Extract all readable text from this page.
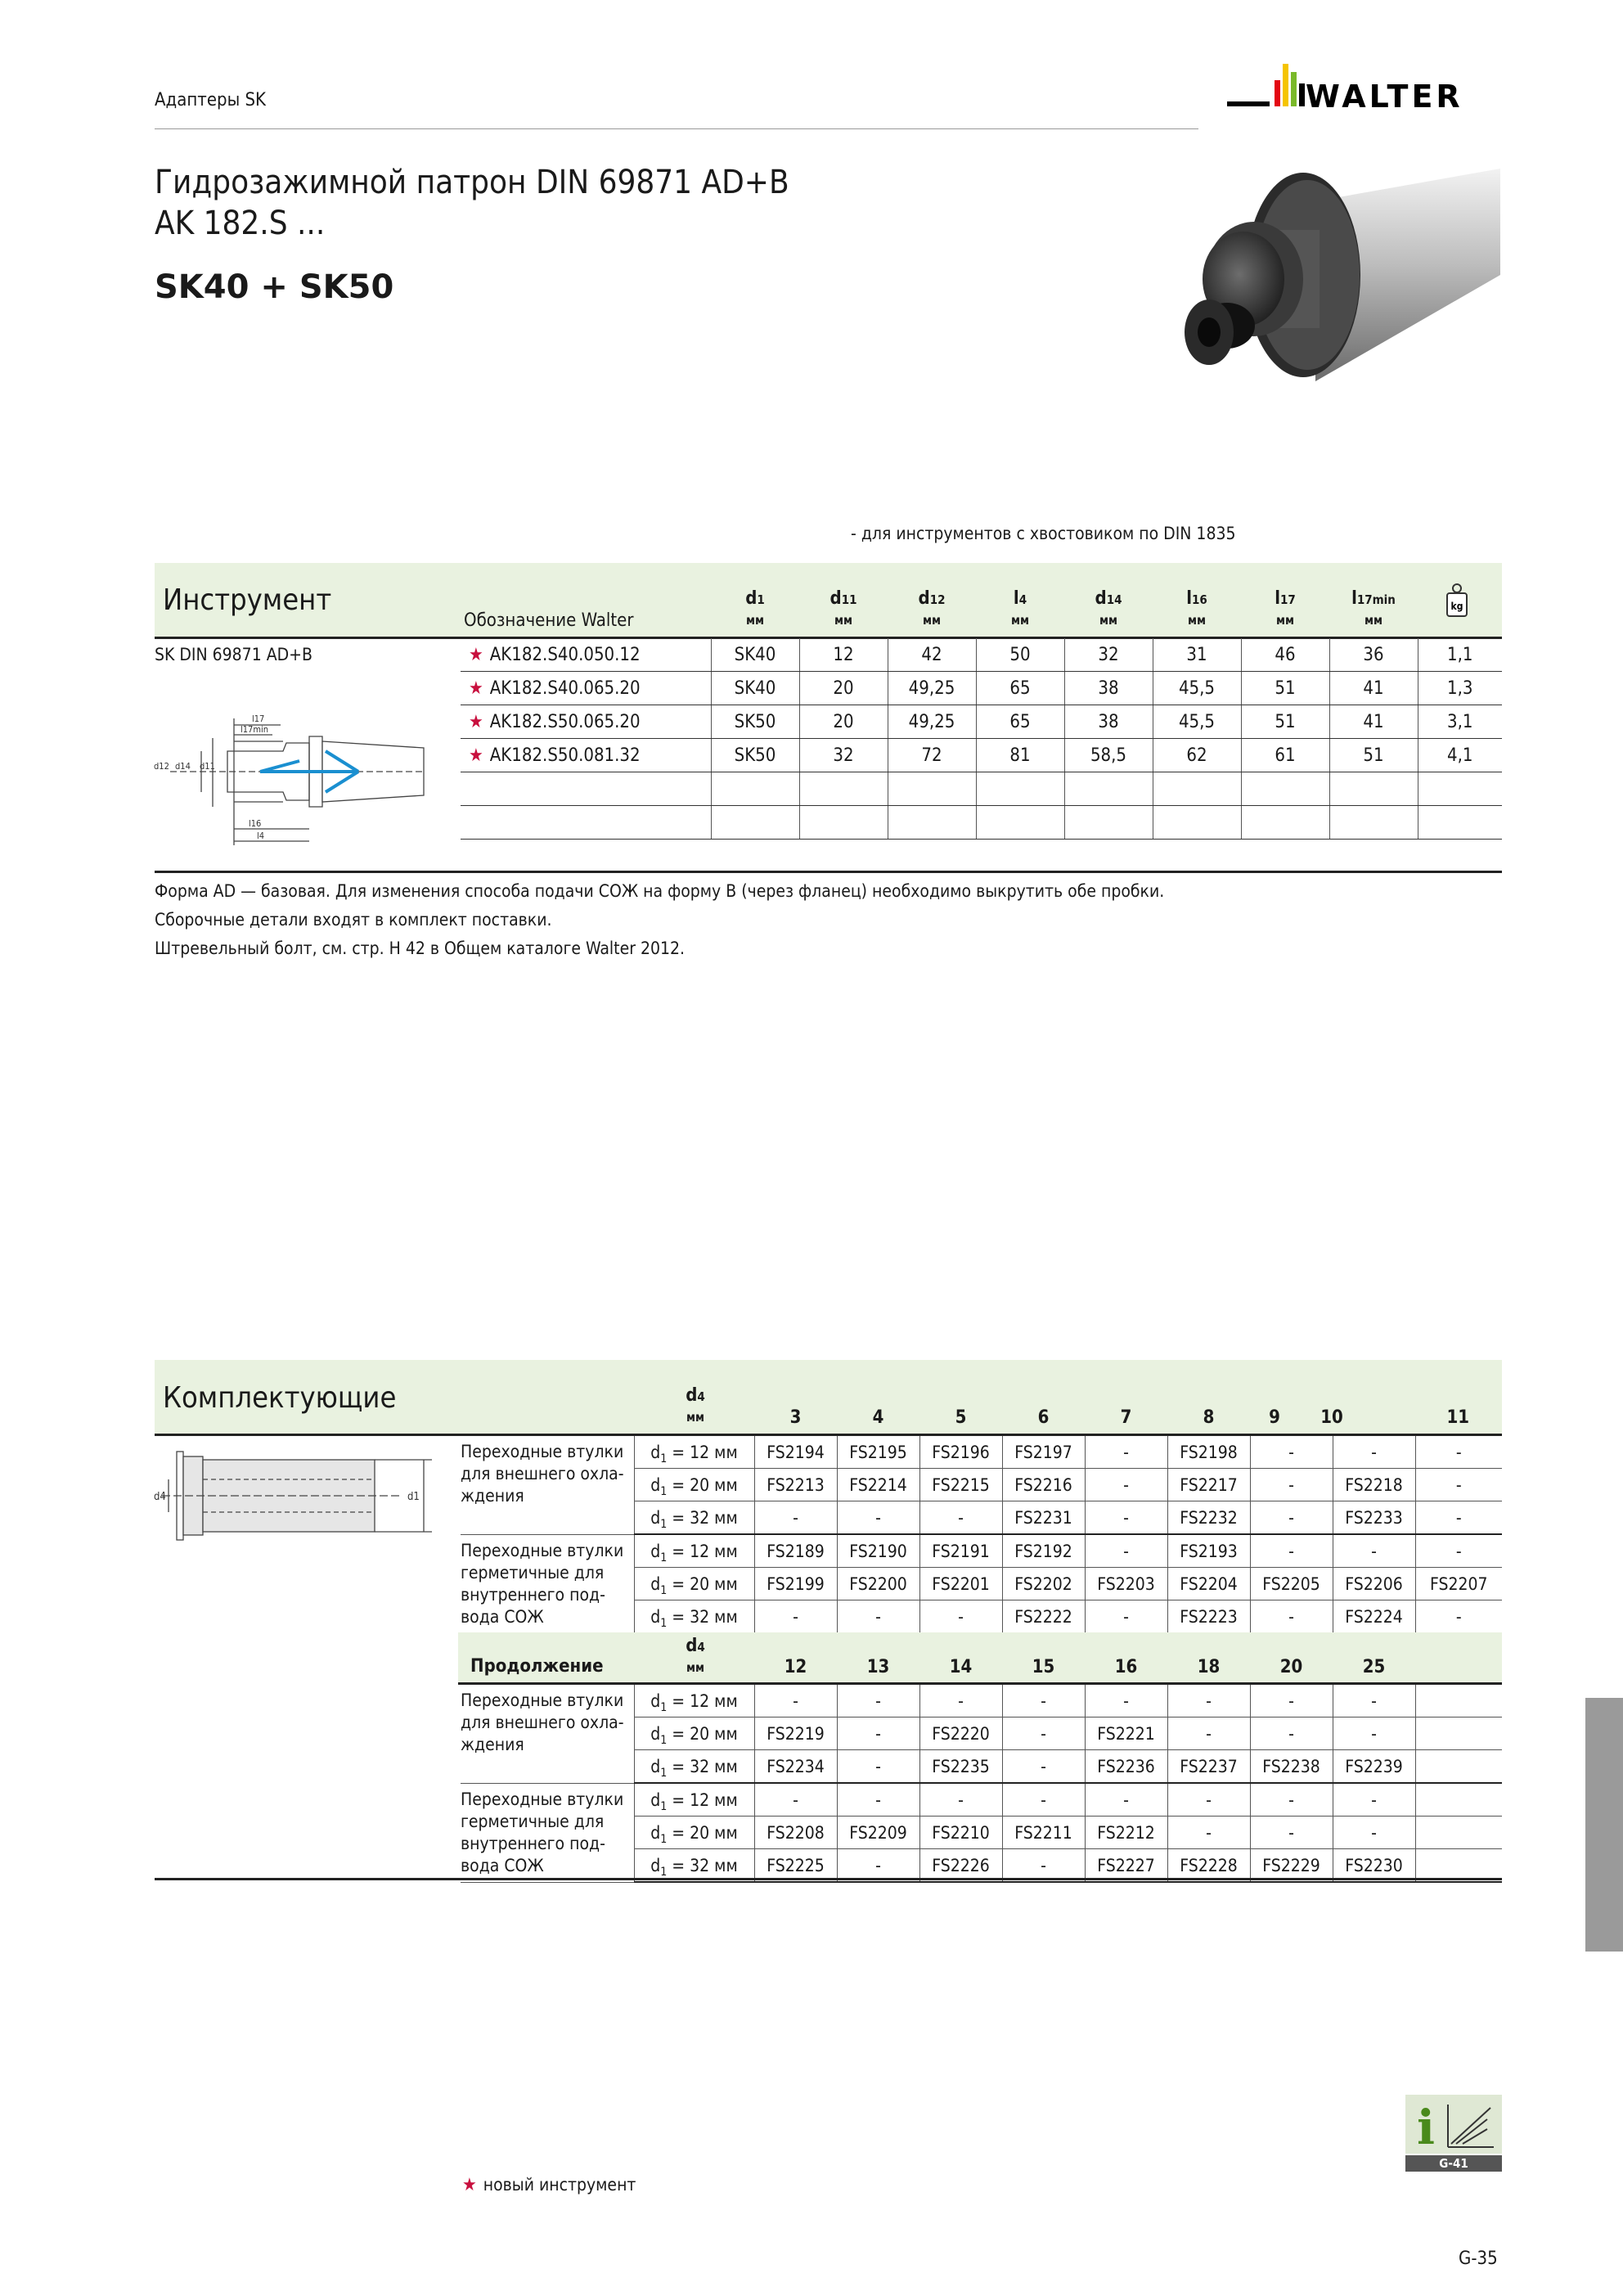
Адаптеры SK	WALTER
Гидрозажимной патрон DIN 69871 AD+B
AK 182.S ...
SK40 + SK50
- для инструментов с хвостовиком по DIN 1835
Инструмент
Обозначение Walter
d1
мм
d11
мм
d12
мм
l4
мм
d14
мм
l16
мм
l17
мм
l17min
мм
kg
SK DIN 69871 AD+B
l17
l17min
d12 d14 d11
l16
l4
★ AK182.S40.050.12	SK40	12	42	50	32	31	46	36	1,1
★ AK182.S40.065.20	SK40	20	49,25	65	38	45,5	51	41	1,3
★ AK182.S50.065.20	SK50	20	49,25	65	38	45,5	51	41	3,1
★ AK182.S50.081.32	SK50	32	72	81	58,5	62	61	51	4,1

Форма AD — базовая. Для изменения способа подачи СОЖ на форму B (через фланец) необходимо выкрутить обе пробки.
Сборочные детали входят в комплект поставки.
Штревельный болт, см. стр. H 42 в Общем каталоге Walter 2012.
Комплектующие	d4
мм	3	4	5	6	7	8	9	10	11
d4	d1
Переходные втулки для внешнего охла-ждения	$d_1 = 12$ мм	FS2194	FS2195	FS2196	FS2197	-	FS2198	-	-	-
	$d_1 = 20$ мм	FS2213	FS2214	FS2215	FS2216	-	FS2217	-	FS2218	-
	$d_1 = 32$ мм	-	-	-	FS2231	-	FS2232	-	FS2233	-
Переходные втулки герметичные для внутреннего под-вода СОЖ	$d_1 = 12$ мм	FS2189	FS2190	FS2191	FS2192	-	FS2193	-	-	-
	$d_1 = 20$ мм	FS2199	FS2200	FS2201	FS2202	FS2203	FS2204	FS2205	FS2206	FS2207
	$d_1 = 32$ мм	-	-	-	FS2222	-	FS2223	-	FS2224	-
Продолжение
d4
мм	12	13	14	15	16	18	20	25
Переходные втулки для внешнего охла-ждения	$d_1 = 12$ мм	-	-	-	-	-	-	-	-	
	$d_1 = 20$ мм	FS2219	-	FS2220	-	FS2221	-	-	-	
	$d_1 = 32$ мм	FS2234	-	FS2235	-	FS2236	FS2237	FS2238	FS2239	
Переходные втулки герметичные для внутреннего под-вода СОЖ	$d_1 = 12$ мм	-	-	-	-	-	-	-	-	
	$d_1 = 20$ мм	FS2208	FS2209	FS2210	FS2211	FS2212	-	-	-	
	$d_1 = 32$ мм	FS2225	-	FS2226	-	FS2227	FS2228	FS2229	FS2230	
i
G-41
★ новый инструмент
G-35
